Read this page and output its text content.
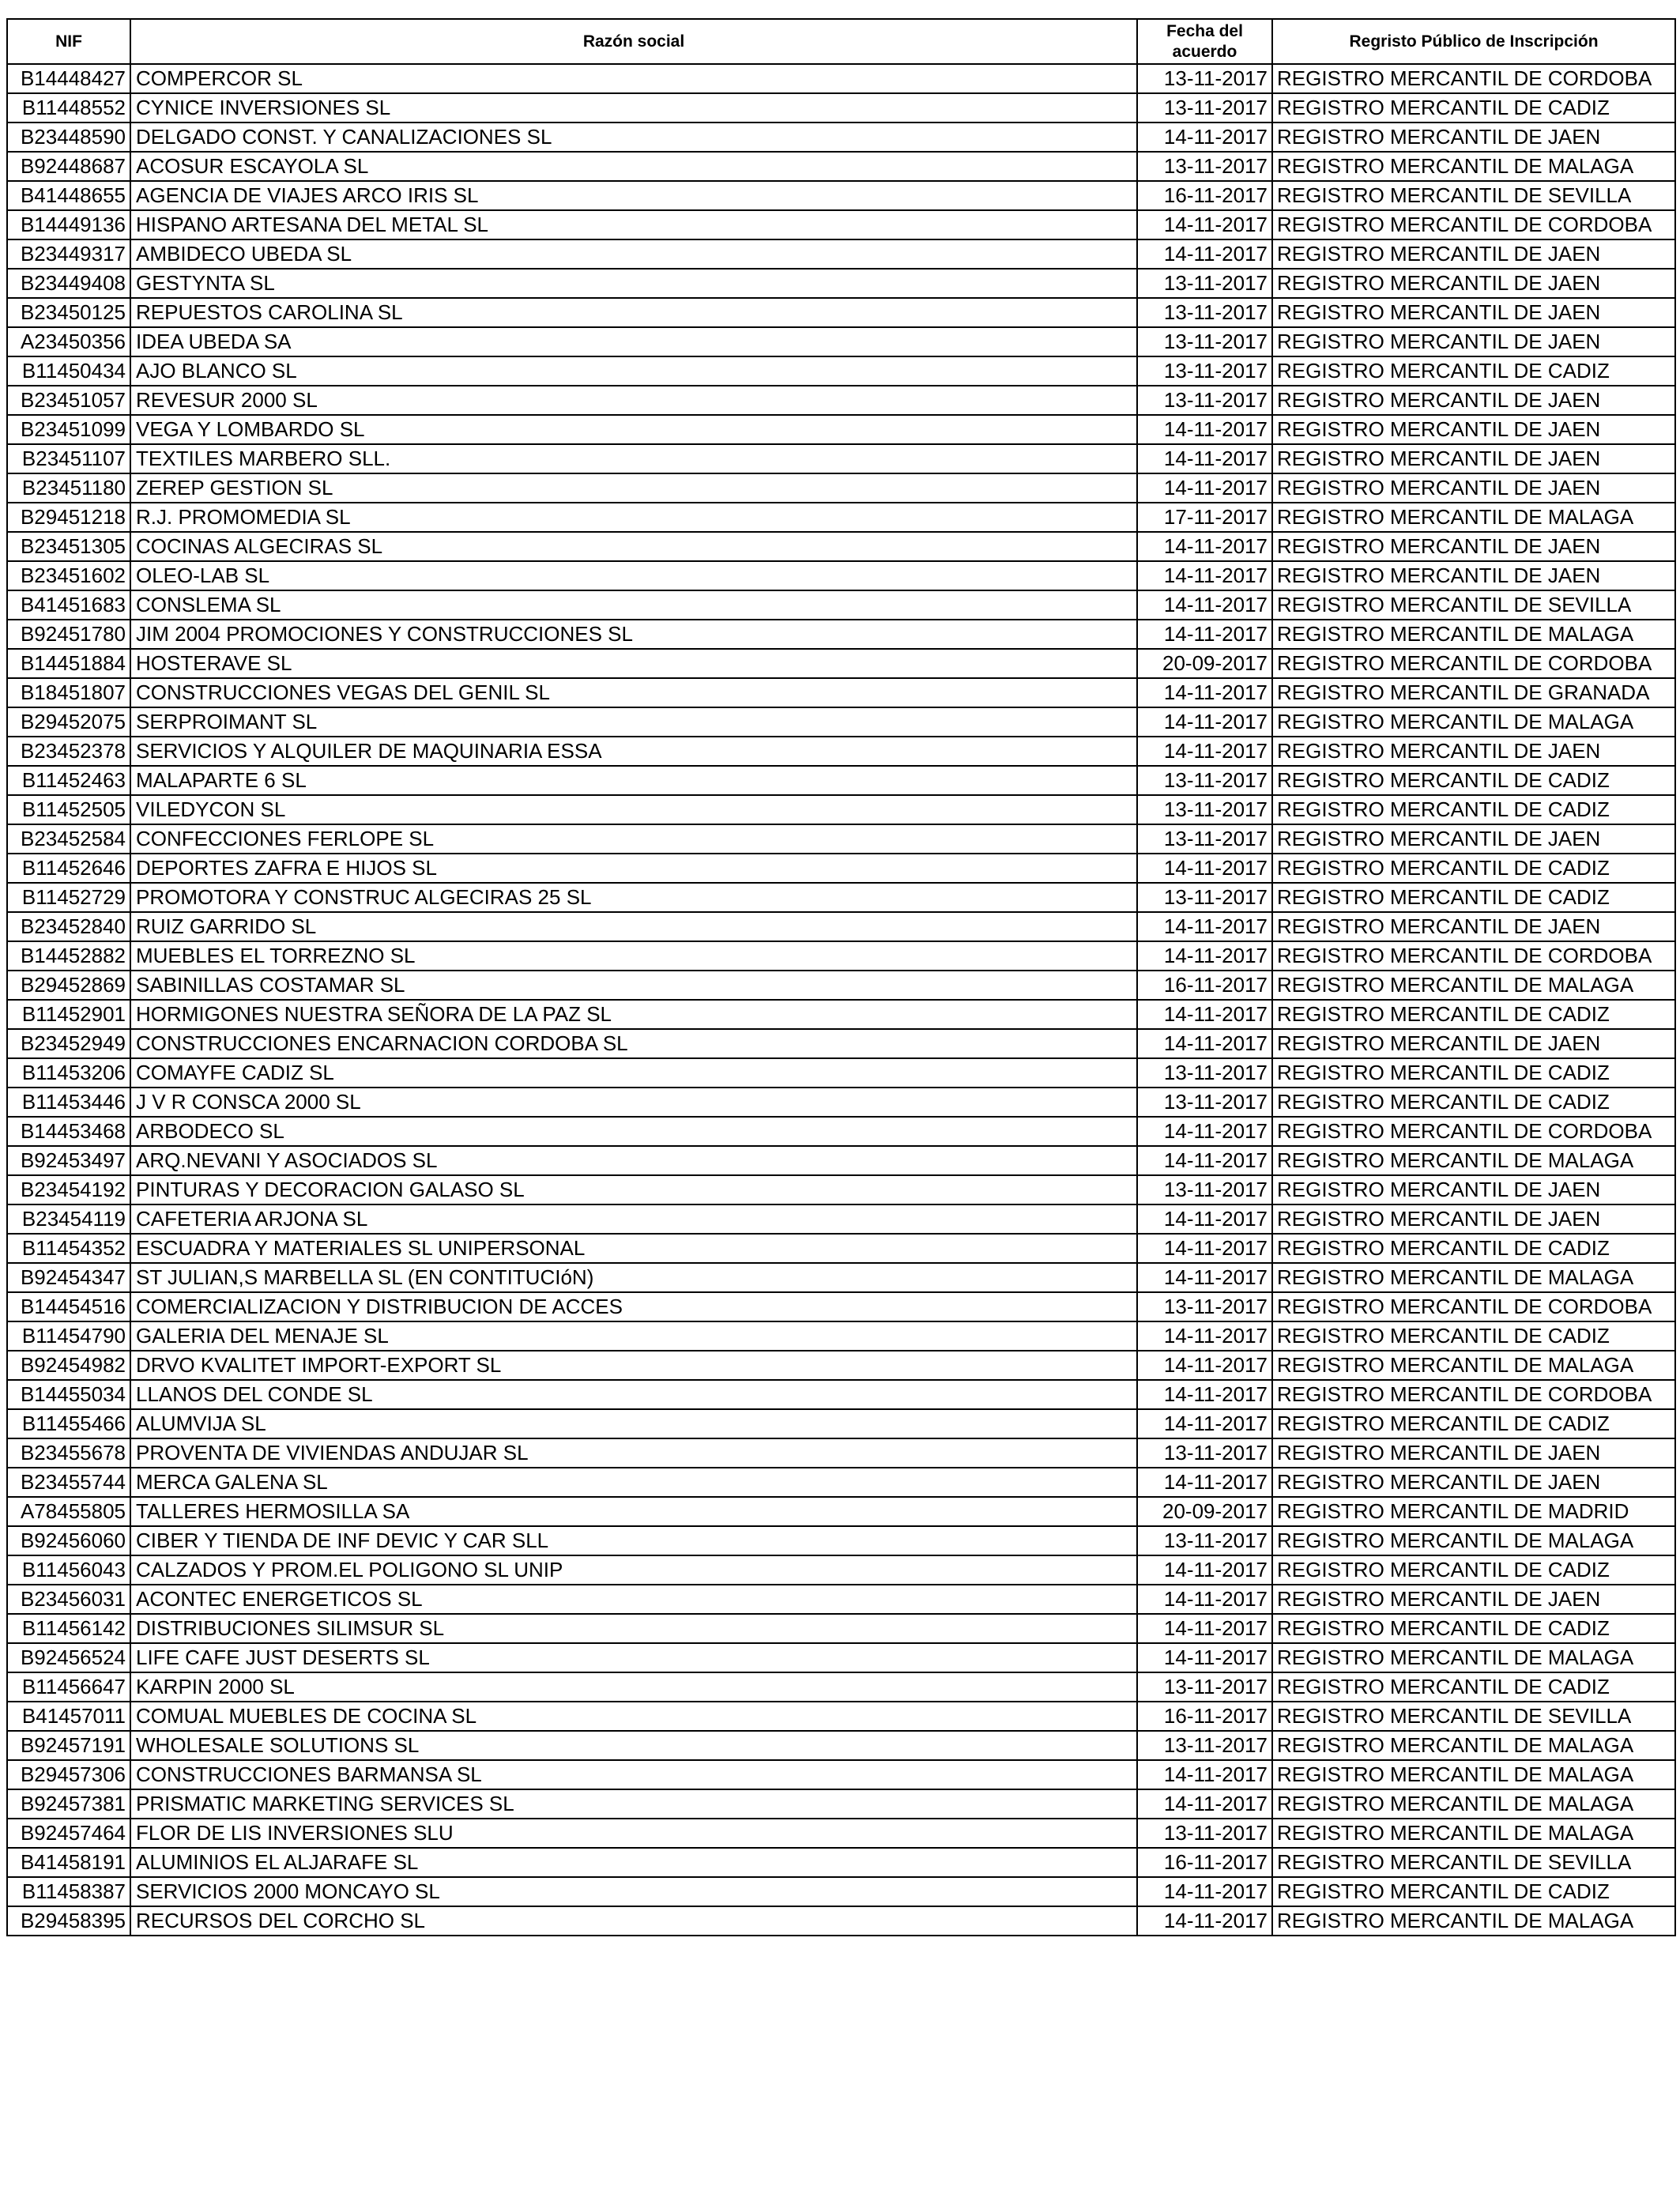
NIF	Razón social	Fecha del acuerdo	Regristo Público de Inscripción
B14448427	COMPERCOR SL	13-11-2017	REGISTRO MERCANTIL DE CORDOBA
B11448552	CYNICE INVERSIONES SL	13-11-2017	REGISTRO MERCANTIL DE CADIZ
B23448590	DELGADO CONST. Y CANALIZACIONES SL	14-11-2017	REGISTRO MERCANTIL DE JAEN
B92448687	ACOSUR ESCAYOLA SL	13-11-2017	REGISTRO MERCANTIL DE MALAGA
B41448655	AGENCIA DE VIAJES ARCO IRIS SL	16-11-2017	REGISTRO MERCANTIL DE SEVILLA
B14449136	HISPANO ARTESANA DEL METAL SL	14-11-2017	REGISTRO MERCANTIL DE CORDOBA
B23449317	AMBIDECO UBEDA SL	14-11-2017	REGISTRO MERCANTIL DE JAEN
B23449408	GESTYNTA SL	13-11-2017	REGISTRO MERCANTIL DE JAEN
B23450125	REPUESTOS CAROLINA SL	13-11-2017	REGISTRO MERCANTIL DE JAEN
A23450356	IDEA UBEDA SA	13-11-2017	REGISTRO MERCANTIL DE JAEN
B11450434	AJO BLANCO SL	13-11-2017	REGISTRO MERCANTIL DE CADIZ
B23451057	REVESUR 2000 SL	13-11-2017	REGISTRO MERCANTIL DE JAEN
B23451099	VEGA Y LOMBARDO SL	14-11-2017	REGISTRO MERCANTIL DE JAEN
B23451107	TEXTILES MARBERO SLL.	14-11-2017	REGISTRO MERCANTIL DE JAEN
B23451180	ZEREP GESTION SL	14-11-2017	REGISTRO MERCANTIL DE JAEN
B29451218	R.J. PROMOMEDIA SL	17-11-2017	REGISTRO MERCANTIL DE MALAGA
B23451305	COCINAS ALGECIRAS SL	14-11-2017	REGISTRO MERCANTIL DE JAEN
B23451602	OLEO-LAB SL	14-11-2017	REGISTRO MERCANTIL DE JAEN
B41451683	CONSLEMA SL	14-11-2017	REGISTRO MERCANTIL DE SEVILLA
B92451780	JIM 2004 PROMOCIONES Y CONSTRUCCIONES SL	14-11-2017	REGISTRO MERCANTIL DE MALAGA
B14451884	HOSTERAVE SL	20-09-2017	REGISTRO MERCANTIL DE CORDOBA
B18451807	CONSTRUCCIONES VEGAS DEL GENIL SL	14-11-2017	REGISTRO MERCANTIL DE GRANADA
B29452075	SERPROIMANT SL	14-11-2017	REGISTRO MERCANTIL DE MALAGA
B23452378	SERVICIOS Y ALQUILER DE MAQUINARIA ESSA	14-11-2017	REGISTRO MERCANTIL DE JAEN
B11452463	MALAPARTE 6 SL	13-11-2017	REGISTRO MERCANTIL DE CADIZ
B11452505	VILEDYCON SL	13-11-2017	REGISTRO MERCANTIL DE CADIZ
B23452584	CONFECCIONES FERLOPE SL	13-11-2017	REGISTRO MERCANTIL DE JAEN
B11452646	DEPORTES ZAFRA E HIJOS SL	14-11-2017	REGISTRO MERCANTIL DE CADIZ
B11452729	PROMOTORA Y CONSTRUC ALGECIRAS 25 SL	13-11-2017	REGISTRO MERCANTIL DE CADIZ
B23452840	RUIZ GARRIDO SL	14-11-2017	REGISTRO MERCANTIL DE JAEN
B14452882	MUEBLES EL TORREZNO SL	14-11-2017	REGISTRO MERCANTIL DE CORDOBA
B29452869	SABINILLAS COSTAMAR SL	16-11-2017	REGISTRO MERCANTIL DE MALAGA
B11452901	HORMIGONES NUESTRA SEÑORA DE LA PAZ SL	14-11-2017	REGISTRO MERCANTIL DE CADIZ
B23452949	CONSTRUCCIONES ENCARNACION CORDOBA SL	14-11-2017	REGISTRO MERCANTIL DE JAEN
B11453206	COMAYFE CADIZ SL	13-11-2017	REGISTRO MERCANTIL DE CADIZ
B11453446	J V R CONSCA 2000 SL	13-11-2017	REGISTRO MERCANTIL DE CADIZ
B14453468	ARBODECO SL	14-11-2017	REGISTRO MERCANTIL DE CORDOBA
B92453497	ARQ.NEVANI Y ASOCIADOS SL	14-11-2017	REGISTRO MERCANTIL DE MALAGA
B23454192	PINTURAS Y DECORACION GALASO SL	13-11-2017	REGISTRO MERCANTIL DE JAEN
B23454119	CAFETERIA ARJONA SL	14-11-2017	REGISTRO MERCANTIL DE JAEN
B11454352	ESCUADRA Y MATERIALES SL UNIPERSONAL	14-11-2017	REGISTRO MERCANTIL DE CADIZ
B92454347	ST JULIAN,S MARBELLA SL (EN CONTITUCIóN)	14-11-2017	REGISTRO MERCANTIL DE MALAGA
B14454516	COMERCIALIZACION Y DISTRIBUCION DE ACCES	13-11-2017	REGISTRO MERCANTIL DE CORDOBA
B11454790	GALERIA DEL MENAJE SL	14-11-2017	REGISTRO MERCANTIL DE CADIZ
B92454982	DRVO KVALITET IMPORT-EXPORT SL	14-11-2017	REGISTRO MERCANTIL DE MALAGA
B14455034	LLANOS DEL CONDE SL	14-11-2017	REGISTRO MERCANTIL DE CORDOBA
B11455466	ALUMVIJA SL	14-11-2017	REGISTRO MERCANTIL DE CADIZ
B23455678	PROVENTA DE VIVIENDAS ANDUJAR SL	13-11-2017	REGISTRO MERCANTIL DE JAEN
B23455744	MERCA GALENA SL	14-11-2017	REGISTRO MERCANTIL DE JAEN
A78455805	TALLERES HERMOSILLA SA	20-09-2017	REGISTRO MERCANTIL DE MADRID
B92456060	CIBER Y TIENDA DE INF DEVIC Y CAR SLL	13-11-2017	REGISTRO MERCANTIL DE MALAGA
B11456043	CALZADOS Y PROM.EL POLIGONO SL UNIP	14-11-2017	REGISTRO MERCANTIL DE CADIZ
B23456031	ACONTEC ENERGETICOS SL	14-11-2017	REGISTRO MERCANTIL DE JAEN
B11456142	DISTRIBUCIONES SILIMSUR SL	14-11-2017	REGISTRO MERCANTIL DE CADIZ
B92456524	LIFE CAFE JUST DESERTS SL	14-11-2017	REGISTRO MERCANTIL DE MALAGA
B11456647	KARPIN 2000 SL	13-11-2017	REGISTRO MERCANTIL DE CADIZ
B41457011	COMUAL MUEBLES DE COCINA SL	16-11-2017	REGISTRO MERCANTIL DE SEVILLA
B92457191	WHOLESALE SOLUTIONS SL	13-11-2017	REGISTRO MERCANTIL DE MALAGA
B29457306	CONSTRUCCIONES BARMANSA SL	14-11-2017	REGISTRO MERCANTIL DE MALAGA
B92457381	PRISMATIC MARKETING SERVICES SL	14-11-2017	REGISTRO MERCANTIL DE MALAGA
B92457464	FLOR DE LIS INVERSIONES SLU	13-11-2017	REGISTRO MERCANTIL DE MALAGA
B41458191	ALUMINIOS EL ALJARAFE SL	16-11-2017	REGISTRO MERCANTIL DE SEVILLA
B11458387	SERVICIOS 2000 MONCAYO SL	14-11-2017	REGISTRO MERCANTIL DE CADIZ
B29458395	RECURSOS DEL CORCHO SL	14-11-2017	REGISTRO MERCANTIL DE MALAGA
